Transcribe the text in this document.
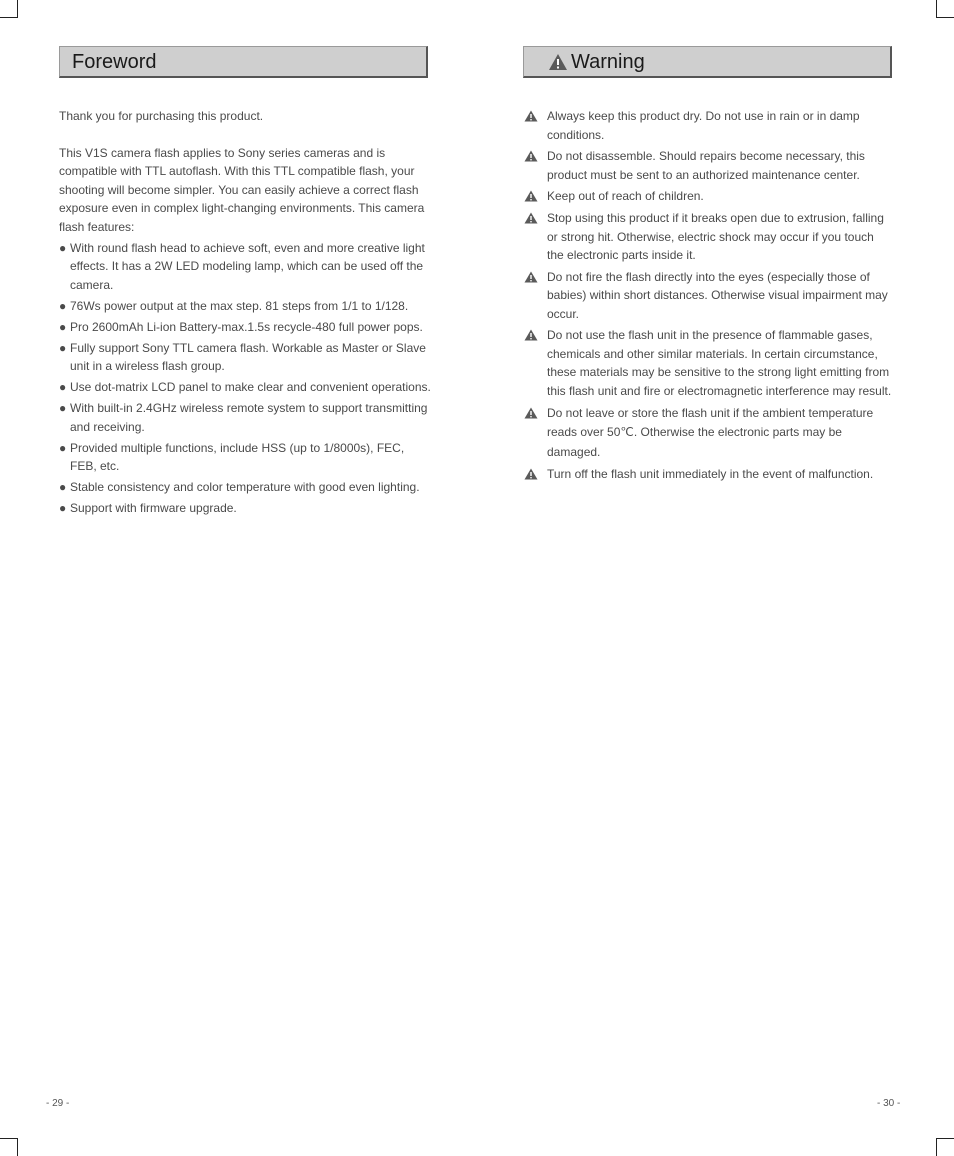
Foreword	Warning

Thank you for purchasing this product.

This V1S camera flash applies to Sony series cameras and is compatible with TTL autoflash. With this TTL compatible flash, your shooting will become simpler. You can easily achieve a correct flash exposure even in complex light-changing environments. This camera flash features:

● With round flash head to achieve soft, even and more creative light effects. It has a 2W LED modeling lamp, which can be used off the camera.
● 76Ws power output at the max step. 81 steps from 1/1 to 1/128.
● Pro 2600mAh Li-ion Battery-max.1.5s recycle-480 full power pops.
● Fully support Sony TTL camera flash. Workable as Master or Slave unit in a wireless flash group.
● Use dot-matrix LCD panel to make clear and convenient operations.
● With built-in 2.4GHz wireless remote system to support transmitting and receiving.
● Provided multiple functions, include HSS (up to 1/8000s), FEC, FEB, etc.
● Stable consistency and color temperature with good even lighting.
● Support with firmware upgrade.
Always keep this product dry. Do not use in rain or in damp conditions.
Do not disassemble. Should repairs become necessary, this product must be sent to an authorized maintenance center.
Keep out of reach of children.
Stop using this product if it breaks open due to extrusion, falling or strong hit. Otherwise, electric shock may occur if you touch the electronic parts inside it.
Do not fire the flash directly into the eyes (especially those of babies) within short distances. Otherwise visual impairment may occur.
Do not use the flash unit in the presence of flammable gases, chemicals and other similar materials. In certain circumstance, these materials may be sensitive to the strong light emitting from this flash unit and fire or electromagnetic interference may result.
Do not leave or store the flash unit if the ambient temperature reads over 50℃. Otherwise the electronic parts may be damaged.
Turn off the flash unit immediately in the event of malfunction.
- 29 -	- 30 -
